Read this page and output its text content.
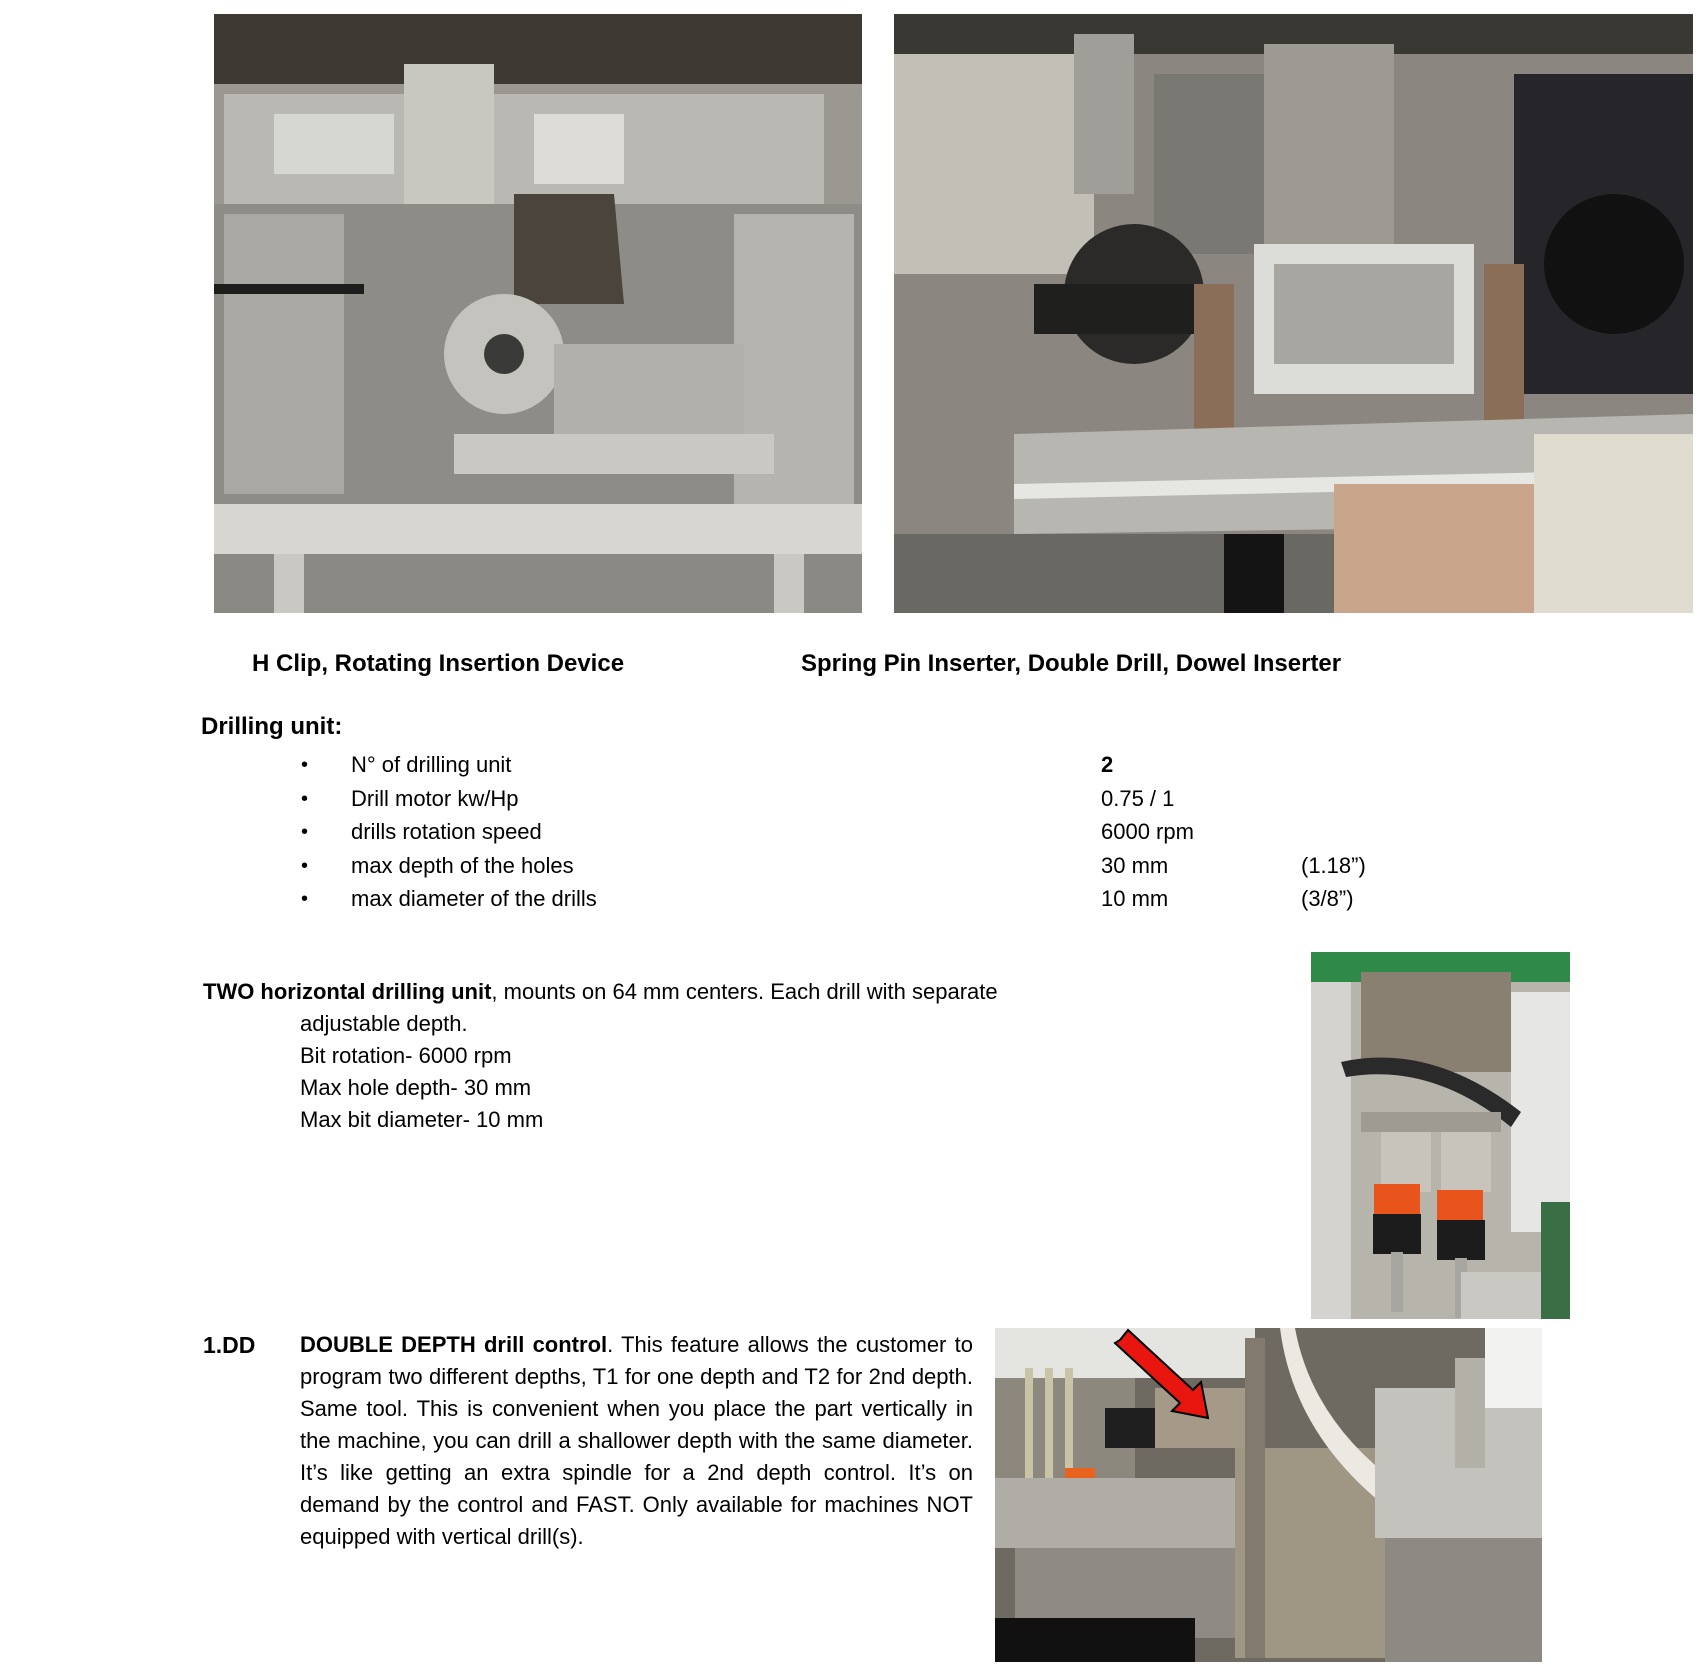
H Clip, Rotating Insertion Device	Spring Pin Inserter, Double Drill, Dowel Inserter
Drilling unit:
• N° of drilling unit	2
• Drill motor kw/Hp	0.75 / 1
• drills rotation speed	6000 rpm
• max depth of the holes	30 mm	(1.18”)
• max diameter of the drills	10 mm	(3/8”)
TWO horizontal drilling unit, mounts on 64 mm centers. Each drill with separate
adjustable depth.
Bit rotation- 6000 rpm
Max hole depth- 30 mm
Max bit diameter- 10 mm
1.DD DOUBLE DEPTH drill control. This feature allows the customer to program two different depths, T1 for one depth and T2 for 2nd depth. Same tool. This is convenient when you place the part vertically in the machine, you can drill a shallower depth with the same diameter. It’s like getting an extra spindle for a 2nd depth control. It’s on demand by the control and FAST. Only available for machines NOT equipped with vertical drill(s).
